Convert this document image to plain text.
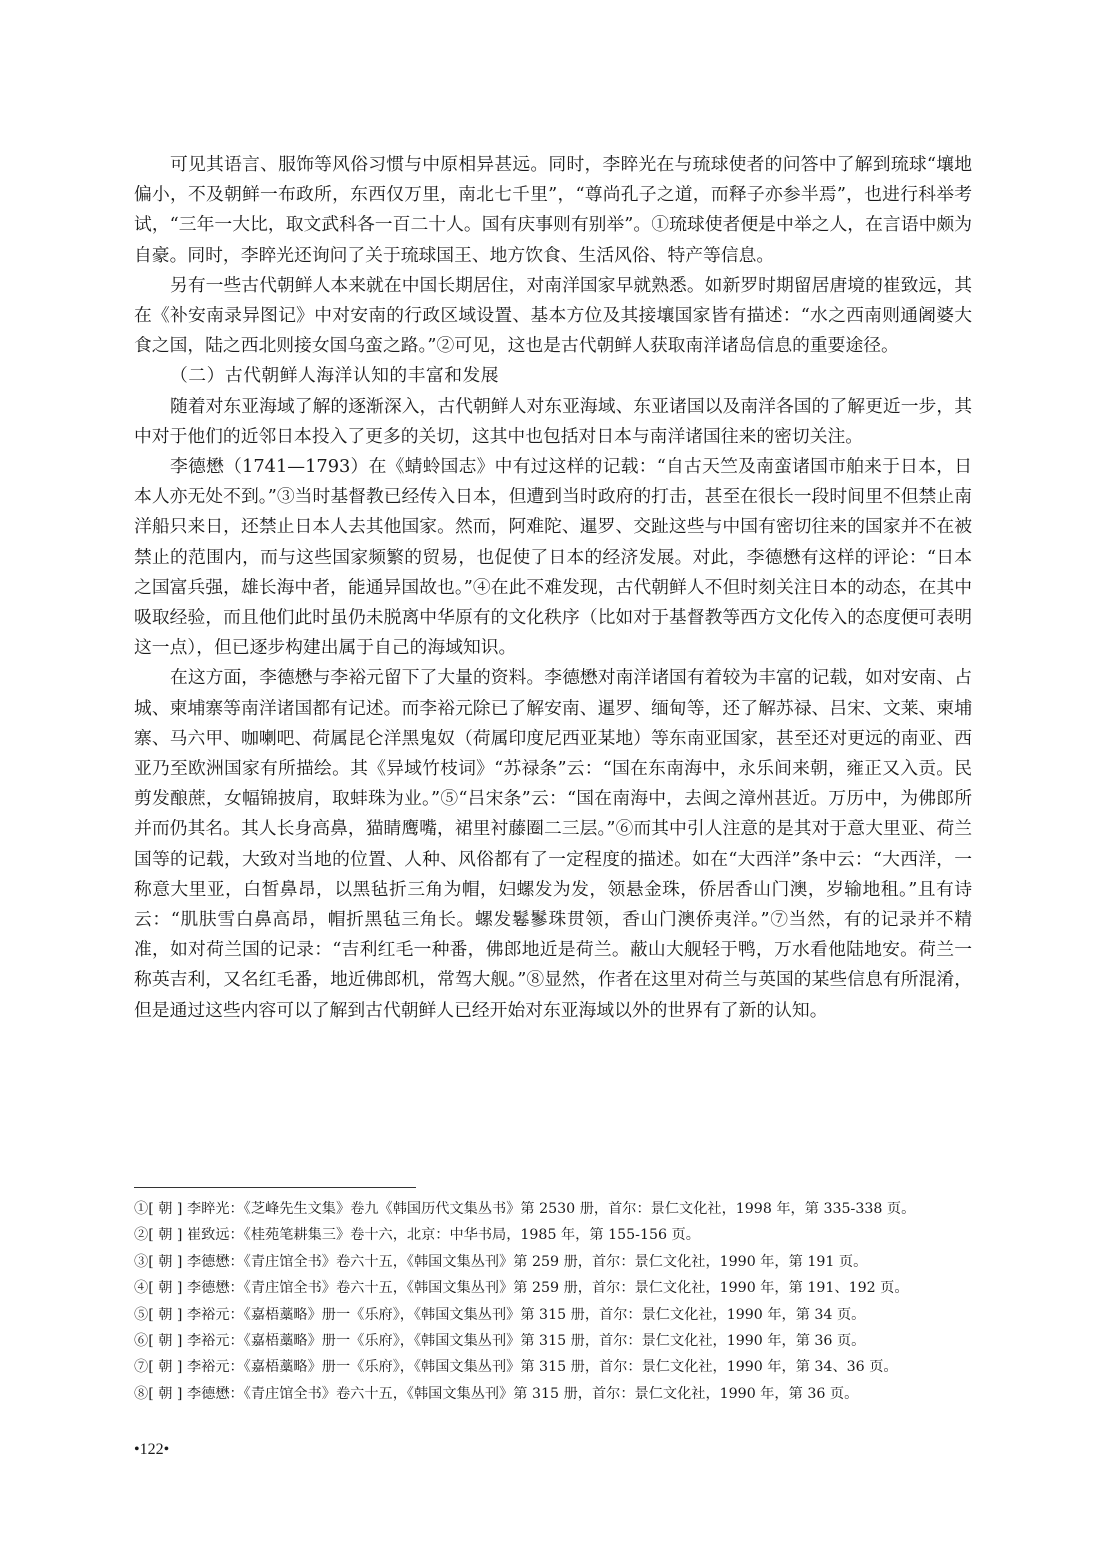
可见其语言、服饰等风俗习惯与中原相异甚远。同时，李睟光在与琉球使者的问答中了解到琉球“壤地偏小，不及朝鲜一布政所，东西仅万里，南北七千里”，“尊尚孔子之道，而释子亦参半焉”，也进行科举考试，“三年一大比，取文武科各一百二十人。国有庆事则有别举”。①琉球使者便是中举之人，在言语中颇为自豪。同时，李睟光还询问了关于琉球国王、地方饮食、生活风俗、特产等信息。

另有一些古代朝鲜人本来就在中国长期居住，对南洋国家早就熟悉。如新罗时期留居唐境的崔致远，其在《补安南录异图记》中对安南的行政区域设置、基本方位及其接壤国家皆有描述：“水之西南则通阇婆大食之国，陆之西北则接女国乌蛮之路。”②可见，这也是古代朝鲜人获取南洋诸岛信息的重要途径。

（二）古代朝鲜人海洋认知的丰富和发展

随着对东亚海域了解的逐渐深入，古代朝鲜人对东亚海域、东亚诸国以及南洋各国的了解更近一步，其中对于他们的近邻日本投入了更多的关切，这其中也包括对日本与南洋诸国往来的密切关注。

李德懋（1741—1793）在《蜻蛉国志》中有过这样的记载：“自古天竺及南蛮诸国市舶来于日本，日本人亦无处不到。”③当时基督教已经传入日本，但遭到当时政府的打击，甚至在很长一段时间里不但禁止南洋船只来日，还禁止日本人去其他国家。然而，阿难陀、暹罗、交趾这些与中国有密切往来的国家并不在被禁止的范围内，而与这些国家频繁的贸易，也促使了日本的经济发展。对此，李德懋有这样的评论：“日本之国富兵强，雄长海中者，能通异国故也。”④在此不难发现，古代朝鲜人不但时刻关注日本的动态，在其中吸取经验，而且他们此时虽仍未脱离中华原有的文化秩序（比如对于基督教等西方文化传入的态度便可表明这一点），但已逐步构建出属于自己的海域知识。

在这方面，李德懋与李裕元留下了大量的资料。李德懋对南洋诸国有着较为丰富的记载，如对安南、占城、柬埔寨等南洋诸国都有记述。而李裕元除已了解安南、暹罗、缅甸等，还了解苏禄、吕宋、文莱、柬埔寨、马六甲、咖喇吧、荷属昆仑洋黑鬼奴（荷属印度尼西亚某地）等东南亚国家，甚至还对更远的南亚、西亚乃至欧洲国家有所描绘。其《异域竹枝词》“苏禄条”云：“国在东南海中，永乐间来朝，雍正又入贡。民剪发酿蔗，女幅锦披肩，取蚌珠为业。”⑤“吕宋条”云：“国在南海中，去闽之漳州甚近。万历中，为佛郎所并而仍其名。其人长身高鼻，猫睛鹰嘴，裙里衬藤圈二三层。”⑥而其中引人注意的是其对于意大里亚、荷兰国等的记载，大致对当地的位置、人种、风俗都有了一定程度的描述。如在“大西洋”条中云：“大西洋，一称意大里亚，白皙鼻昂，以黑毡折三角为帽，妇螺发为发，领悬金珠，侨居香山门澳，岁输地租。”且有诗云：“肌肤雪白鼻高昂，帽折黑毡三角长。螺发鬈鬖珠贯领，香山门澳侨夷洋。”⑦当然，有的记录并不精准，如对荷兰国的记录：“吉利红毛一种番，佛郎地近是荷兰。蔽山大舰轻于鸭，万水看他陆地安。荷兰一称英吉利，又名红毛番，地近佛郎机，常驾大舰。”⑧显然，作者在这里对荷兰与英国的某些信息有所混淆，但是通过这些内容可以了解到古代朝鲜人已经开始对东亚海域以外的世界有了新的认知。

①[ 朝 ] 李睟光：《芝峰先生文集》卷九《韩国历代文集丛书》第 2530 册，首尔：景仁文化社，1998 年，第 335-338 页。

②[ 朝 ] 崔致远：《桂苑笔耕集三》卷十六，北京：中华书局，1985 年，第 155-156 页。

③[ 朝 ] 李德懋：《青庄馆全书》卷六十五，《韩国文集丛刊》第 259 册，首尔：景仁文化社，1990 年，第 191 页。

④[ 朝 ] 李德懋：《青庄馆全书》卷六十五，《韩国文集丛刊》第 259 册，首尔：景仁文化社，1990 年，第 191、192 页。

⑤[ 朝 ] 李裕元：《嘉梧藁略》册一《乐府》，《韩国文集丛刊》第 315 册，首尔：景仁文化社，1990 年，第 34 页。

⑥[ 朝 ] 李裕元：《嘉梧藁略》册一《乐府》，《韩国文集丛刊》第 315 册，首尔：景仁文化社，1990 年，第 36 页。

⑦[ 朝 ] 李裕元：《嘉梧藁略》册一《乐府》，《韩国文集丛刊》第 315 册，首尔：景仁文化社，1990 年，第 34、36 页。

⑧[ 朝 ] 李德懋：《青庄馆全书》卷六十五，《韩国文集丛刊》第 315 册，首尔：景仁文化社，1990 年，第 36 页。

•122•
